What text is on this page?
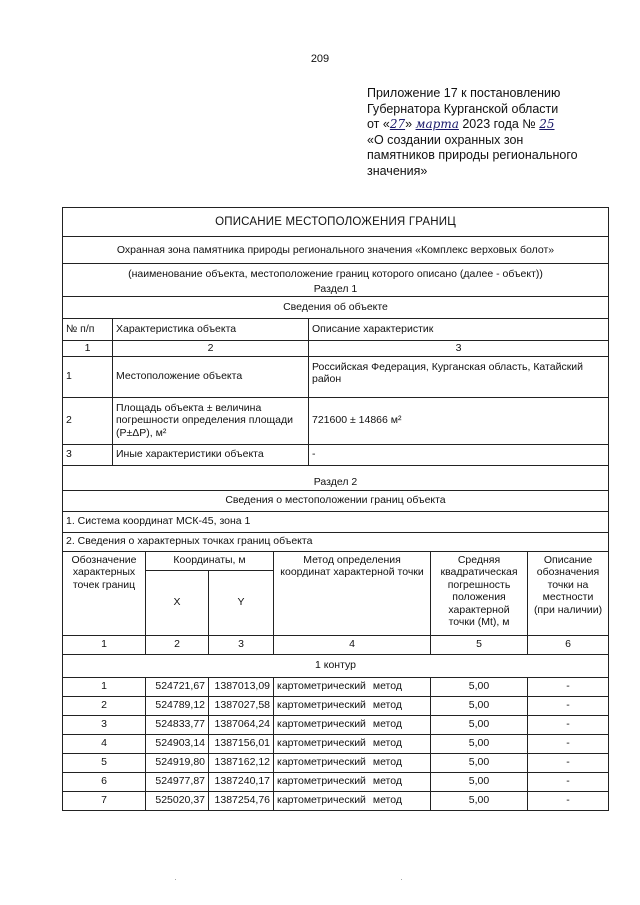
209
Приложение 17 к постановлению
Губернатора Курганской области
от «27» марта 2023 года № 25
«О создании охранных зон
памятников природы регионального
значения»
ОПИСАНИЕ МЕСТОПОЛОЖЕНИЯ ГРАНИЦ		
Охранная зона памятника природы регионального значения «Комплекс верховых болот»		
(наименование объекта, местоположение границ которого описано (далее - объект))		
Раздел 1		
Сведения об объекте		
№ п/п	Характеристика объекта	Описание характеристик
1	2	3
1	Местоположение объекта	Российская Федерация, Курганская область, Катайский район
2	Площадь объекта ± величина погрешности определения площади (P±ΔP), м²	721600 ± 14866 м²
3	Иные характеристики объекта	-
Раздел 2		
Сведения о местоположении границ объекта		
1. Система координат МСК-45, зона 1		
2. Сведения о характерных точках границ объекта		
Обозначение характерных точек границ	Координаты, м		Метод определения координат характерной точки	Средняя квадратическая погрешность положения характерной точки (Mt), м	Описание обозначения точки на местности (при наличии)
	X	Y			
1	2	3	4	5	6
1 контур					
1	524721,67	1387013,09	картометрический метод	5,00	-
2	524789,12	1387027,58	картометрический метод	5,00	-
3	524833,77	1387064,24	картометрический метод	5,00	-
4	524903,14	1387156,01	картометрический метод	5,00	-
5	524919,80	1387162,12	картометрический метод	5,00	-
6	524977,87	1387240,17	картометрический метод	5,00	-
7	525020,37	1387254,76	картометрический метод	5,00	-
·	·
